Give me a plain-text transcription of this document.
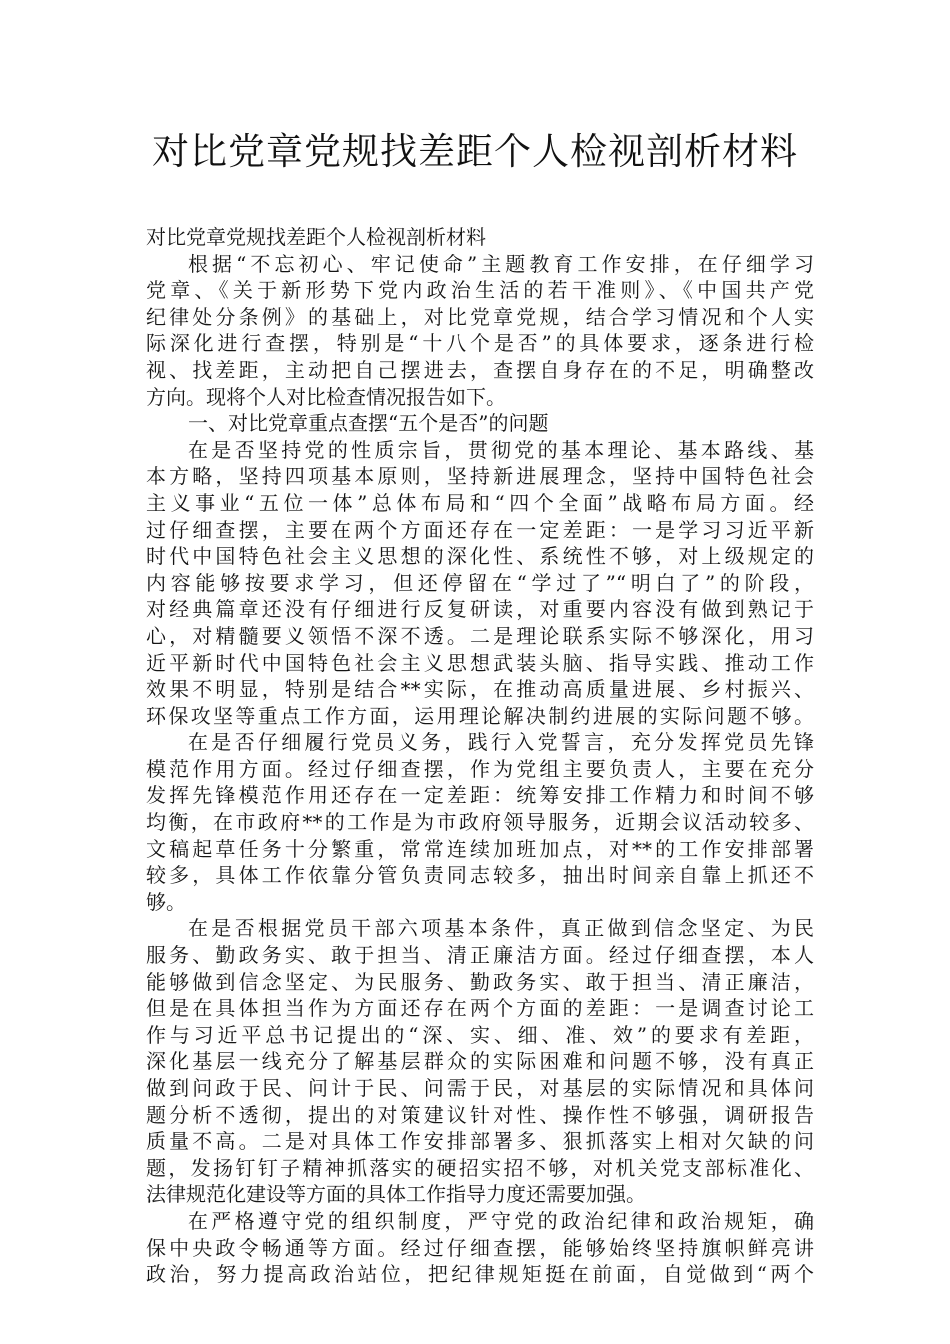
对比党章党规找差距个人检视剖析材料
对比党章党规找差距个人检视剖析材料
根据“不忘初心、牢记使命”主题教育工作安排，在仔细学习
党章、《关于新形势下党内政治生活的若干准则》、《中国共产党
纪律处分条例》的基础上，对比党章党规，结合学习情况和个人实
际深化进行查摆，特别是“十八个是否”的具体要求，逐条进行检
视、找差距，主动把自己摆进去，查摆自身存在的不足，明确整改
方向。现将个人对比检查情况报告如下。
一、对比党章重点查摆“五个是否”的问题
在是否坚持党的性质宗旨，贯彻党的基本理论、基本路线、基
本方略，坚持四项基本原则，坚持新进展理念，坚持中国特色社会
主义事业“五位一体”总体布局和“四个全面”战略布局方面。经
过仔细查摆，主要在两个方面还存在一定差距：一是学习习近平新
时代中国特色社会主义思想的深化性、系统性不够，对上级规定的
内容能够按要求学习，但还停留在“学过了”“明白了”的阶段，
对经典篇章还没有仔细进行反复研读，对重要内容没有做到熟记于
心，对精髓要义领悟不深不透。二是理论联系实际不够深化，用习
近平新时代中国特色社会主义思想武装头脑、指导实践、推动工作
效果不明显，特别是结合**实际，在推动高质量进展、乡村振兴、
环保攻坚等重点工作方面，运用理论解决制约进展的实际问题不够。
在是否仔细履行党员义务，践行入党誓言，充分发挥党员先锋
模范作用方面。经过仔细查摆，作为党组主要负责人，主要在充分
发挥先锋模范作用还存在一定差距：统筹安排工作精力和时间不够
均衡，在市政府**的工作是为市政府领导服务，近期会议活动较多、
文稿起草任务十分繁重，常常连续加班加点，对**的工作安排部署
较多，具体工作依靠分管负责同志较多，抽出时间亲自靠上抓还不
够。
在是否根据党员干部六项基本条件，真正做到信念坚定、为民
服务、勤政务实、敢于担当、清正廉洁方面。经过仔细查摆，本人
能够做到信念坚定、为民服务、勤政务实、敢于担当、清正廉洁，
但是在具体担当作为方面还存在两个方面的差距：一是调查讨论工
作与习近平总书记提出的“深、实、细、准、效”的要求有差距，
深化基层一线充分了解基层群众的实际困难和问题不够，没有真正
做到问政于民、问计于民、问需于民，对基层的实际情况和具体问
题分析不透彻，提出的对策建议针对性、操作性不够强，调研报告
质量不高。二是对具体工作安排部署多、狠抓落实上相对欠缺的问
题，发扬钉钉子精神抓落实的硬招实招不够，对机关党支部标准化、
法律规范化建设等方面的具体工作指导力度还需要加强。
在严格遵守党的组织制度，严守党的政治纪律和政治规矩，确
保中央政令畅通等方面。经过仔细查摆，能够始终坚持旗帜鲜亮讲
政治，努力提高政治站位，把纪律规矩挺在前面，自觉做到“两个
